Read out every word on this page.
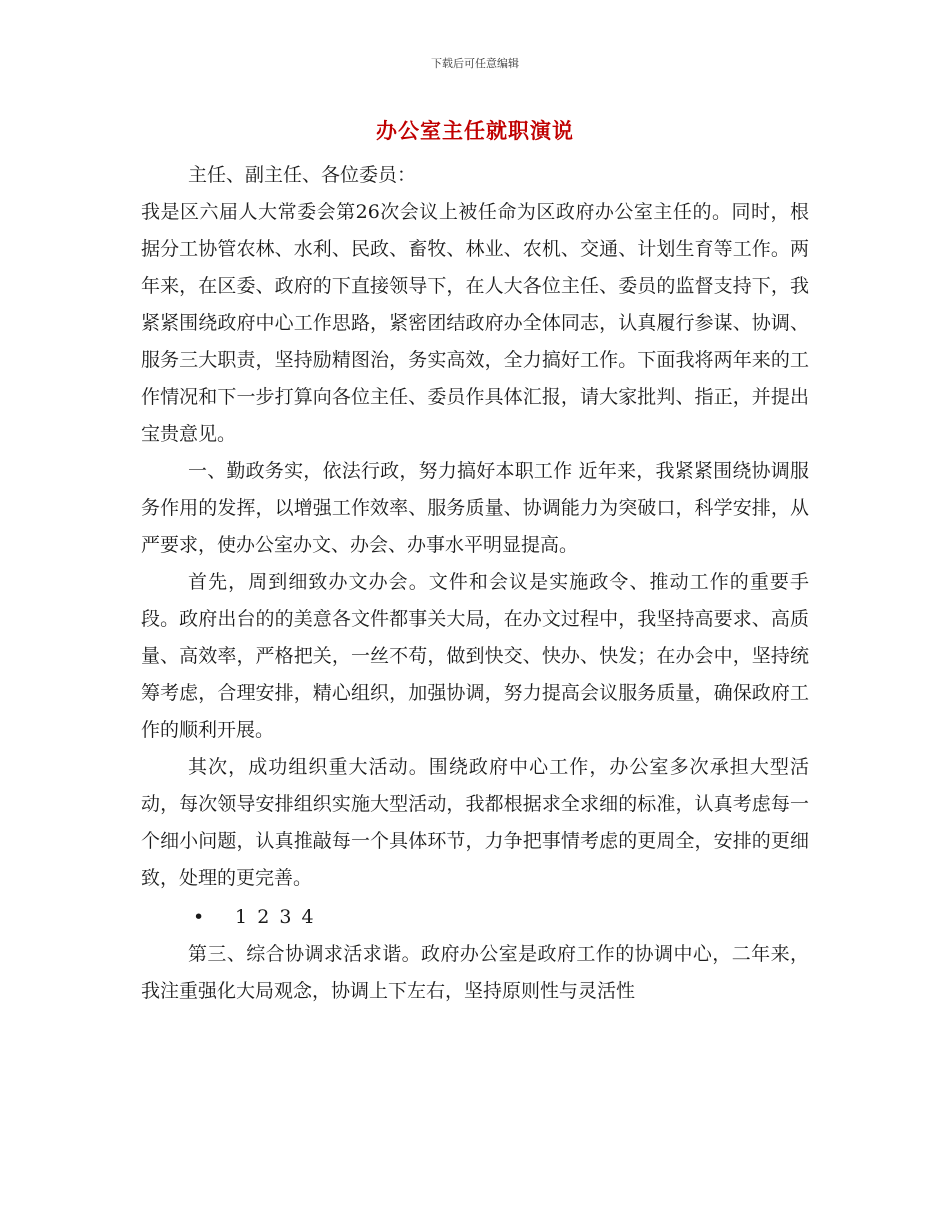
下载后可任意编辑
办公室主任就职演说

主任、副主任、各位委员：

我是区六届人大常委会第26次会议上被任命为区政府办公室主任的。同时，根据分工协管农林、水利、民政、畜牧、林业、农机、交通、计划生育等工作。两年来，在区委、政府的下直接领导下，在人大各位主任、委员的监督支持下，我紧紧围绕政府中心工作思路，紧密团结政府办全体同志，认真履行参谋、协调、服务三大职责，坚持励精图治，务实高效，全力搞好工作。下面我将两年来的工作情况和下一步打算向各位主任、委员作具体汇报，请大家批判、指正，并提出宝贵意见。

一、勤政务实，依法行政，努力搞好本职工作 近年来，我紧紧围绕协调服务作用的发挥，以增强工作效率、服务质量、协调能力为突破口，科学安排，从严要求，使办公室办文、办会、办事水平明显提高。

首先，周到细致办文办会。文件和会议是实施政令、推动工作的重要手段。政府出台的的美意各文件都事关大局，在办文过程中，我坚持高要求、高质量、高效率，严格把关，一丝不苟，做到快交、快办、快发；在办会中，坚持统筹考虑，合理安排，精心组织，加强协调，努力提高会议服务质量，确保政府工作的顺利开展。

其次，成功组织重大活动。围绕政府中心工作，办公室多次承担大型活动，每次领导安排组织实施大型活动，我都根据求全求细的标准，认真考虑每一个细小问题，认真推敲每一个具体环节，力争把事情考虑的更周全，安排的更细致，处理的更完善。

• 1 2 3 4

第三、综合协调求活求谐。政府办公室是政府工作的协调中心，二年来，我注重强化大局观念，协调上下左右，坚持原则性与灵活性
